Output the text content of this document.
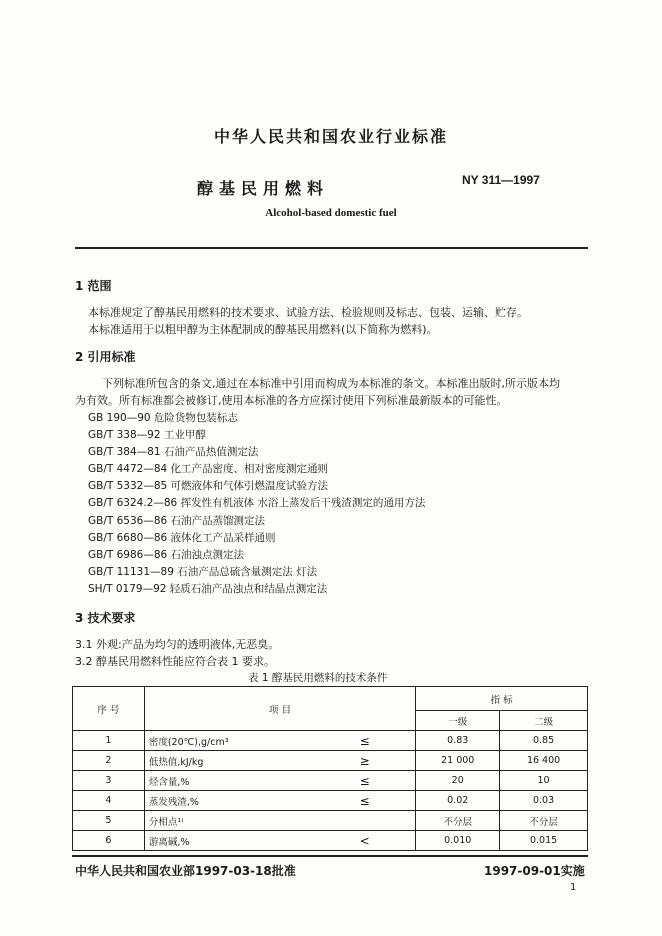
中华人民共和国农业行业标准
醇基民用燃料	NY 311—1997
Alcohol-based domestic fuel
1 范围
本标准规定了醇基民用燃料的技术要求、试验方法、检验规则及标志、包装、运输、贮存。
本标准适用于以粗甲醇为主体配制成的醇基民用燃料(以下简称为燃料)。
2 引用标准
下列标准所包含的条文,通过在本标准中引用而构成为本标准的条文。本标准出版时,所示版本均
为有效。所有标准都会被修订,使用本标准的各方应探讨使用下列标准最新版本的可能性。
GB 190—90 危险货物包装标志
GB/T 338—92 工业甲醇
GB/T 384—81 石油产品热值测定法
GB/T 4472—84 化工产品密度、相对密度测定通则
GB/T 5332—85 可燃液体和气体引燃温度试验方法
GB/T 6324.2—86 挥发性有机液体 水浴上蒸发后干残渣测定的通用方法
GB/T 6536—86 石油产品蒸馏测定法
GB/T 6680—86 液体化工产品采样通则
GB/T 6986—86 石油浊点测定法
GB/T 11131—89 石油产品总硫含量测定法 灯法
SH/T 0179—92 轻质石油产品浊点和结晶点测定法
3 技术要求
3.1 外观:产品为均匀的透明液体,无恶臭。
3.2 醇基民用燃料性能应符合表 1 要求。
表 1 醇基民用燃料的技术条件
序 号	项 目		指 标	
			一级	二级
1	密度(20℃),g/cm³	≤	0.83	0.85
2	低热值,kJ/kg	≥	21 000	16 400
3	烃含量,%	≤	20	10
4	蒸发残渣,%	≤	0.02	0.03
5	分相点¹⁾		不分层	不分层
6	游离碱,%	<	0.010	0.015
中华人民共和国农业部1997-03-18批准	1997-09-01实施
1
